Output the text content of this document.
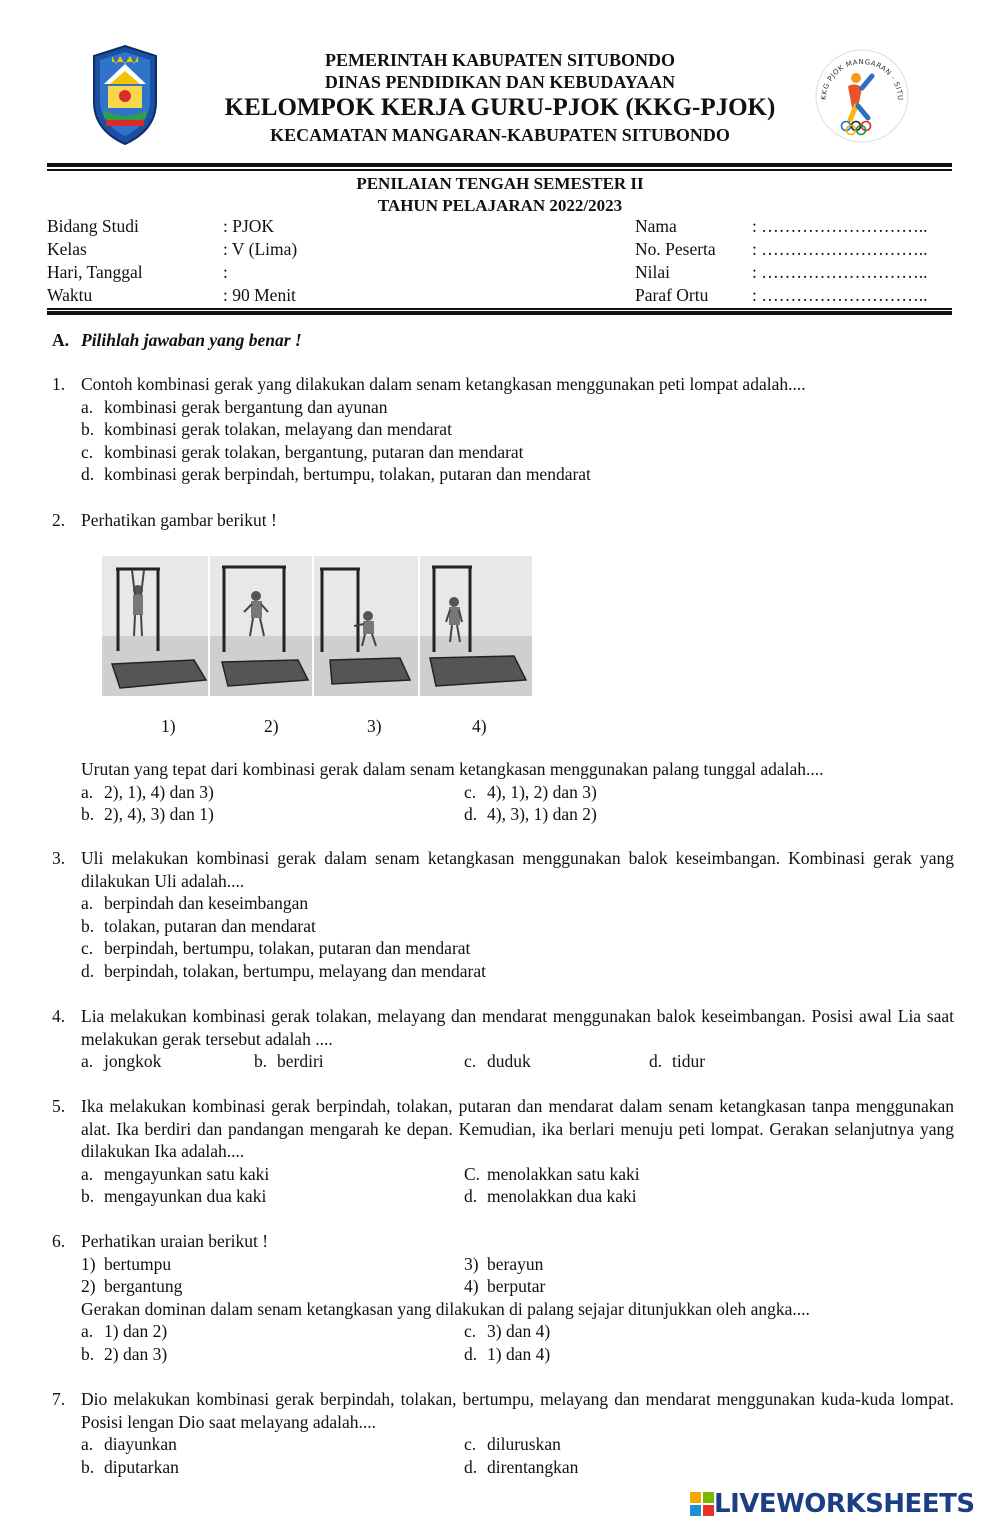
PEMERINTAH KABUPATEN SITUBONDO
DINAS PENDIDIKAN DAN KEBUDAYAAN
KELOMPOK KERJA GURU-PJOK (KKG-PJOK)
KECAMATAN MANGARAN-KABUPATEN SITUBONDO
KKG PJOK MANGARAN - SITU
PENILAIAN TENGAH SEMESTER II
TAHUN PELAJARAN 2022/2023
Bidang Studi	: PJOK
Kelas	: V (Lima)
Hari, Tanggal	:
Waktu	: 90 Menit
Nama	: ………………………..
No. Peserta : ………………………..
Nilai	: ………………………..
Paraf Ortu : ………………………..
A. Pilihlah jawaban yang benar !
1. Contoh kombinasi gerak yang dilakukan dalam senam ketangkasan menggunakan peti lompat adalah....
a. kombinasi gerak bergantung dan ayunan
b. kombinasi gerak tolakan, melayang dan mendarat
c. kombinasi gerak tolakan, bergantung, putaran dan mendarat
d. kombinasi gerak berpindah, bertumpu, tolakan, putaran dan mendarat
2. Perhatikan gambar berikut !
1)	2)	3)	4)
Urutan yang tepat dari kombinasi gerak dalam senam ketangkasan menggunakan palang tunggal adalah....
a. 2), 1), 4) dan 3)
b. 2), 4), 3) dan 1)
c. 4), 1), 2) dan 3)
d. 4), 3), 1) dan 2)
3. Uli melakukan kombinasi gerak dalam senam ketangkasan menggunakan balok keseimbangan. Kombinasi gerak yang dilakukan Uli adalah....
a. berpindah dan keseimbangan
b. tolakan, putaran dan mendarat
c. berpindah, bertumpu, tolakan, putaran dan mendarat
d. berpindah, tolakan, bertumpu, melayang dan mendarat
4. Lia melakukan kombinasi gerak tolakan, melayang dan mendarat menggunakan balok keseimbangan. Posisi awal Lia saat melakukan gerak tersebut adalah ....
a. jongkok	b. berdiri	c. duduk	d. tidur
5. Ika melakukan kombinasi gerak berpindah, tolakan, putaran dan mendarat dalam senam ketangkasan tanpa menggunakan alat. Ika berdiri dan pandangan mengarah ke depan. Kemudian, ika berlari menuju peti lompat. Gerakan selanjutnya yang dilakukan Ika adalah....
a. mengayunkan satu kaki
b. mengayunkan dua kaki
C. menolakkan satu kaki
d. menolakkan dua kaki
6. Perhatikan uraian berikut !
1) bertumpu
2) bergantung
3) berayun
4) berputar
Gerakan dominan dalam senam ketangkasan yang dilakukan di palang sejajar ditunjukkan oleh angka....
a. 1) dan 2)
b. 2) dan 3)
c. 3) dan 4)
d. 1) dan 4)
7. Dio melakukan kombinasi gerak berpindah, tolakan, bertumpu, melayang dan mendarat menggunakan kuda-kuda lompat. Posisi lengan Dio saat melayang adalah....
a. diayunkan
b. diputarkan
c. diluruskan
d. direntangkan
LIVEWORKSHEETS
